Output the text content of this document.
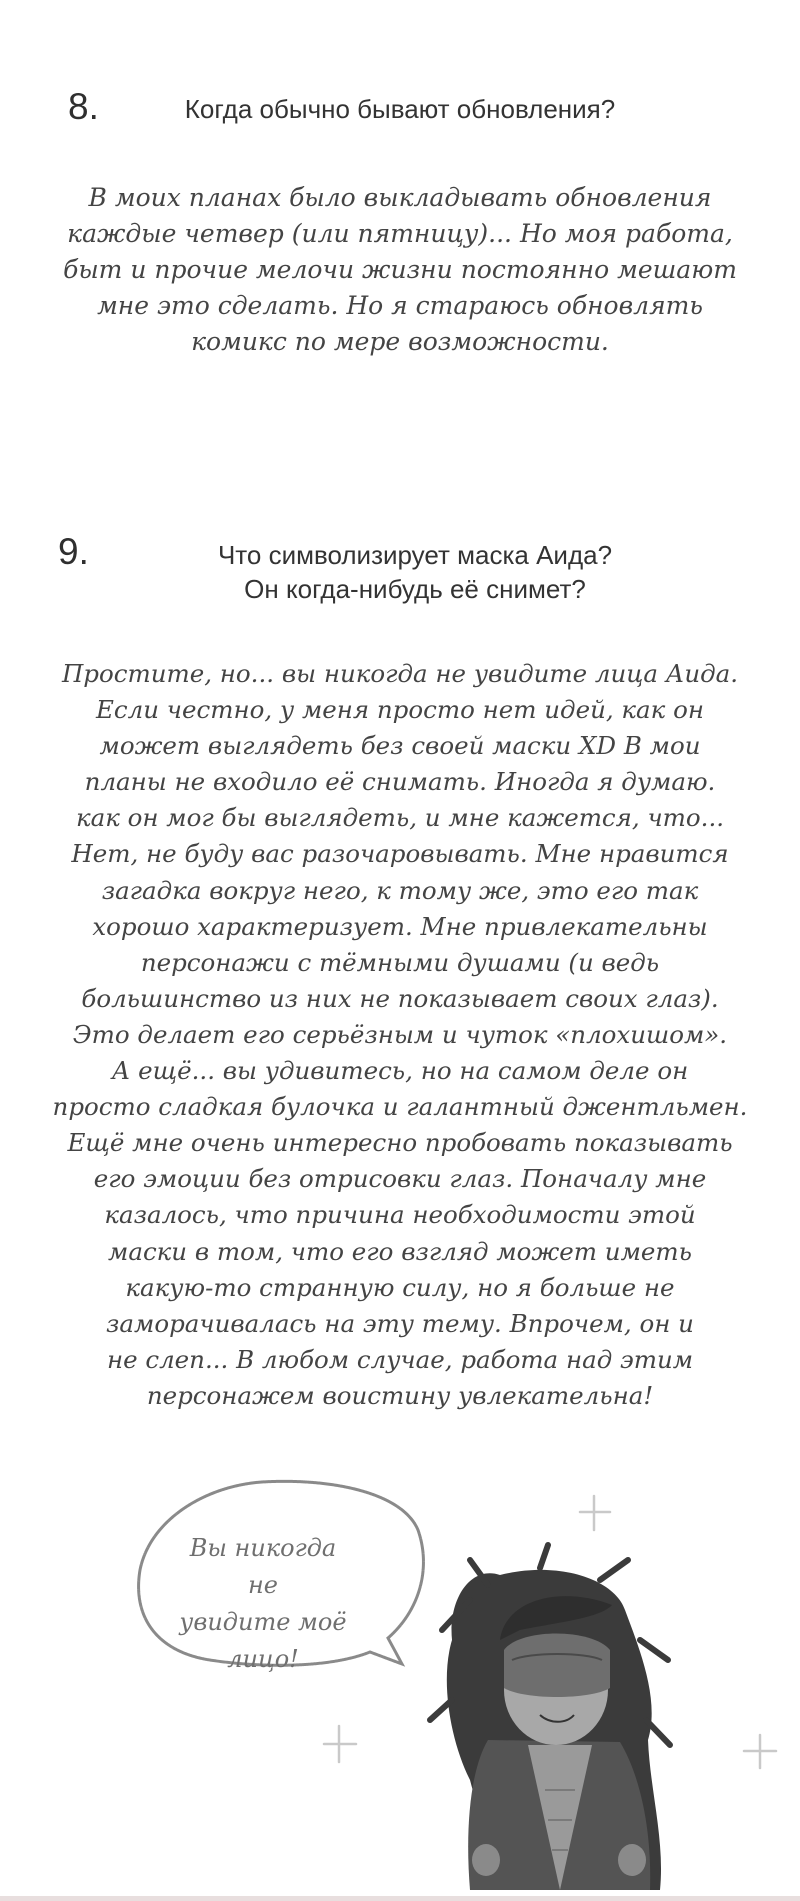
8.	Когда обычно бывают обновления?
В моих планах было выкладывать обновления
каждые четвер (или пятницу)... Но моя работа,
быт и прочие мелочи жизни постоянно мешают
мне это сделать. Но я стараюсь обновлять
комикс по мере возможности.
9.	Что символизирует маска Аида?
Он когда-нибудь её снимет?
Простите, но... вы никогда не увидите лица Аида.
Если честно, у меня просто нет идей, как он
может выглядеть без своей маски XD В мои
планы не входило её снимать. Иногда я думаю.
как он мог бы выглядеть, и мне кажется, что...
Нет, не буду вас разочаровывать. Мне нравится
загадка вокруг него, к тому же, это его так
хорошо характеризует. Мне привлекательны
персонажи с тёмными душами (и ведь
большинство из них не показывает своих глаз).
Это делает его серьёзным и чуток «плохишом».
А ещё... вы удивитесь, но на самом деле он
просто сладкая булочка и галантный джентльмен.
Ещё мне очень интересно пробовать показывать
его эмоции без отрисовки глаз. Поначалу мне
казалось, что причина необходимости этой
маски в том, что его взгляд может иметь
какую-то странную силу, но я больше не
заморачивалась на эту тему. Впрочем, он и
не слеп... В любом случае, работа над этим
персонажем воистину увлекательна!
Вы никогда не
увидите моё
лицо!
